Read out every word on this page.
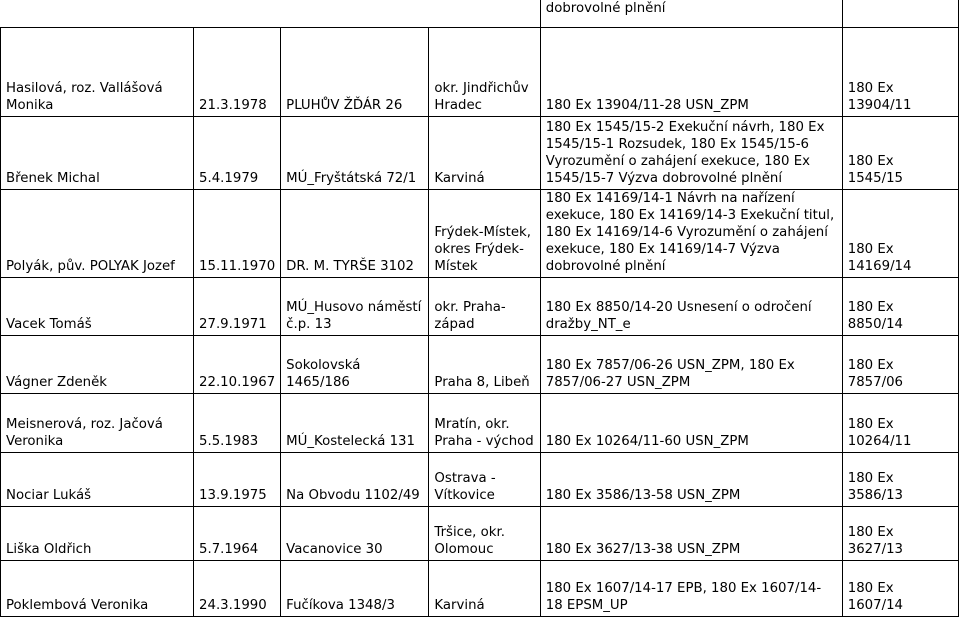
				dobrovolné plnění	
Hasilová, roz. Vallášová Monika	21.3.1978	PLUHŮV ŽĎÁR 26	okr. Jindřichův Hradec	180 Ex 13904/11-28 USN_ZPM	180 Ex 13904/11
Břenek Michal	5.4.1979	MÚ_Fryštátská 72/1	Karviná	180 Ex 1545/15-2 Exekuční návrh, 180 Ex 1545/15-1 Rozsudek, 180 Ex 1545/15-6 Vyrozumění o zahájení exekuce, 180 Ex 1545/15-7 Výzva dobrovolné plnění	180 Ex 1545/15
Polyák, pův. POLYAK Jozef	15.11.1970	DR. M. TYRŠE 3102	Frýdek-Místek, okres Frýdek-Místek	180 Ex 14169/14-1 Návrh na nařízení exekuce, 180 Ex 14169/14-3 Exekuční titul, 180 Ex 14169/14-6 Vyrozumění o zahájení exekuce, 180 Ex 14169/14-7 Výzva dobrovolné plnění	180 Ex 14169/14
Vacek Tomáš	27.9.1971	MÚ_Husovo náměstí č.p. 13	okr. Praha-západ	180 Ex 8850/14-20 Usnesení o odročení dražby_NT_e	180 Ex 8850/14
Vágner Zdeněk	22.10.1967	Sokolovská 1465/186	Praha 8, Libeň	180 Ex 7857/06-26 USN_ZPM, 180 Ex 7857/06-27 USN_ZPM	180 Ex 7857/06
Meisnerová, roz. Jačová Veronika	5.5.1983	MÚ_Kostelecká 131	Mratín, okr. Praha - východ	180 Ex 10264/11-60 USN_ZPM	180 Ex 10264/11
Nociar Lukáš	13.9.1975	Na Obvodu 1102/49	Ostrava - Vítkovice	180 Ex 3586/13-58 USN_ZPM	180 Ex 3586/13
Liška Oldřich	5.7.1964	Vacanovice 30	Tršice, okr. Olomouc	180 Ex 3627/13-38 USN_ZPM	180 Ex 3627/13
Poklembová Veronika	24.3.1990	Fučíkova 1348/3	Karviná	180 Ex 1607/14-17 EPB, 180 Ex 1607/14-18 EPSM_UP	180 Ex 1607/14
